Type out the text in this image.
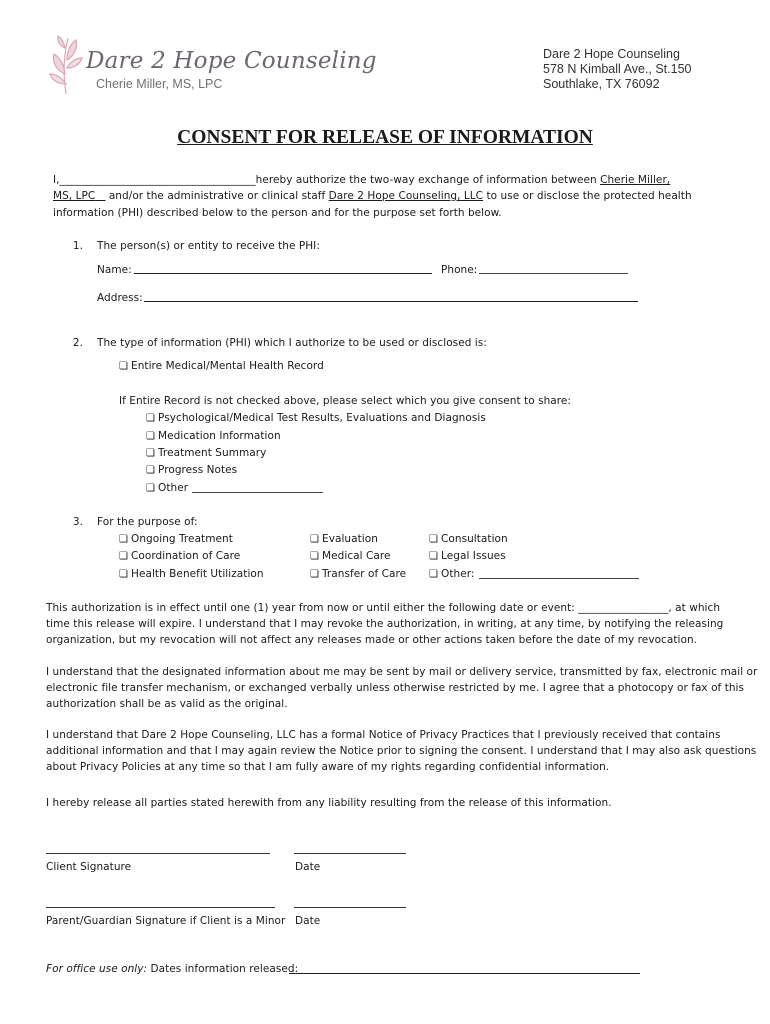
Dare 2 Hope Counseling
Cherie Miller, MS, LPC
Dare 2 Hope Counseling
578 N Kimball Ave., St.150
Southlake, TX 76092
CONSENT FOR RELEASE OF INFORMATION
I,_____________________________________hereby authorize the two-way exchange of information between Cherie Miller,
MS, LPC and/or the administrative or clinical staff Dare 2 Hope Counseling, LLC to use or disclose the protected health
information (PHI) described below to the person and for the purpose set forth below.
1. The person(s) or entity to receive the PHI:
Name:	Phone:
Address:
2. The type of information (PHI) which I authorize to be used or disclosed is:
❏ Entire Medical/Mental Health Record
If Entire Record is not checked above, please select which you give consent to share:
❏ Psychological/Medical Test Results, Evaluations and Diagnosis
❏ Medication Information
❏ Treatment Summary
❏ Progress Notes
❏ Other
3. For the purpose of:
❏ Ongoing Treatment
❏ Coordination of Care
❏ Health Benefit Utilization
❏ Evaluation
❏ Medical Care
❏ Transfer of Care
❏ Consultation
❏ Legal Issues
❏ Other:
This authorization is in effect until one (1) year from now or until either the following date or event: _________________, at which
time this release will expire. I understand that I may revoke the authorization, in writing, at any time, by notifying the releasing
organization, but my revocation will not affect any releases made or other actions taken before the date of my revocation.
I understand that the designated information about me may be sent by mail or delivery service, transmitted by fax, electronic mail or
electronic file transfer mechanism, or exchanged verbally unless otherwise restricted by me. I agree that a photocopy or fax of this
authorization shall be as valid as the original.
I understand that Dare 2 Hope Counseling, LLC has a formal Notice of Privacy Practices that I previously received that contains
additional information and that I may again review the Notice prior to signing the consent. I understand that I may also ask questions
about Privacy Policies at any time so that I am fully aware of my rights regarding confidential information.
I hereby release all parties stated herewith from any liability resulting from the release of this information.
Client Signature	Date
Parent/Guardian Signature if Client is a Minor Date
For office use only: Dates information released:
